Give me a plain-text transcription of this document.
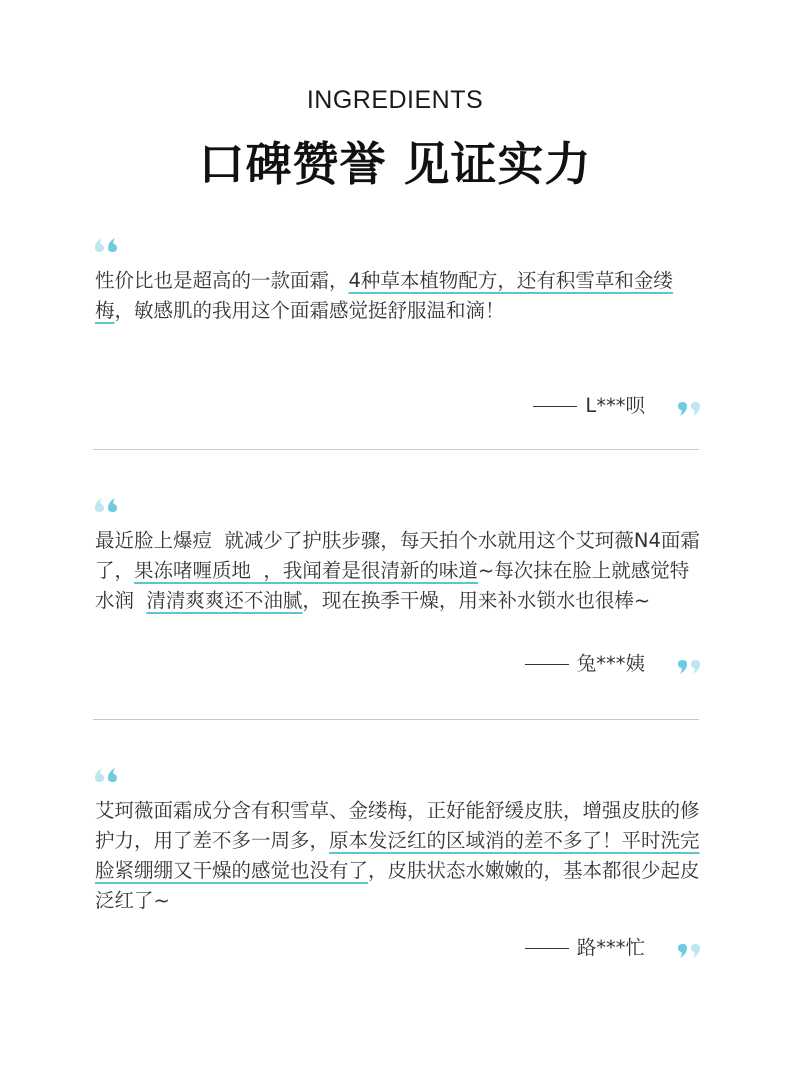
INGREDIENTS
口碑赞誉 见证实力
性价比也是超高的一款面霜，4种草本植物配方，还有积雪草和金缕梅，敏感肌的我用这个面霜感觉挺舒服温和滴！
L***呗
最近脸上爆痘  就减少了护肤步骤，每天拍个水就用这个艾珂薇N4面霜了，果冻啫喱质地  ，我闻着是很清新的味道~每次抹在脸上就感觉特水润  清清爽爽还不油腻，现在换季干燥，用来补水锁水也很棒~
兔***姨
艾珂薇面霜成分含有积雪草、金缕梅，正好能舒缓皮肤，增强皮肤的修护力，用了差不多一周多，原本发泛红的区域消的差不多了！平时洗完脸紧绷绷又干燥的感觉也没有了，皮肤状态水嫩嫩的，基本都很少起皮泛红了~
路***忙
